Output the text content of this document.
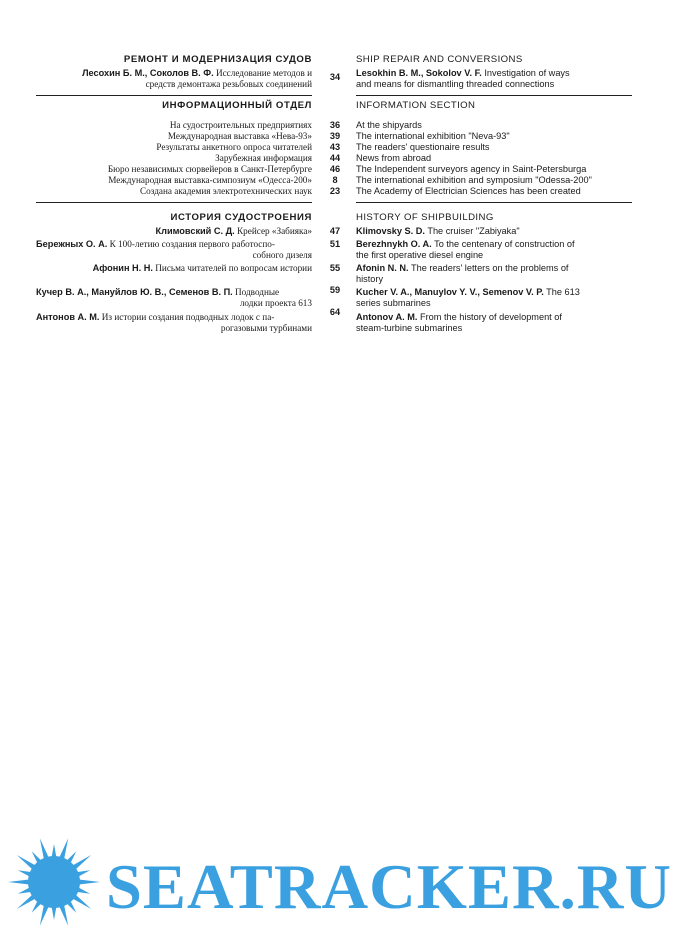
РЕМОНТ И МОДЕРНИЗАЦИЯ СУДОВ
Лесохин Б. М., Соколов В. Ф. Исследование методов и
средств демонтажа резьбовых соединений
ИНФОРМАЦИОННЫЙ ОТДЕЛ
На судостроительных предприятиях
Международная выставка «Нева-93»
Результаты анкетного опроса читателей
Зарубежная информация
Бюро независимых сюрвейеров в Санкт-Петербурге
Международная выставка-симпозиум «Одесса-200»
Создана академия электротехнических наук
ИСТОРИЯ СУДОСТРОЕНИЯ
Климовский С. Д. Крейсер «Забияка»
Бережных О. А. К 100-летию создания первого работоспо-
собного дизеля
Афонин Н. Н. Письма читателей по вопросам истории
Кучер В. А., Мануйлов Ю. В., Семенов В. П. Подводные
лодки проекта 613
Антонов А. М. Из истории создания подводных лодок с па-
рогазовыми турбинами
34
36
39
43
44
46
8
23
47
51
55
59
64
SHIP REPAIR AND CONVERSIONS
Lesokhin B. M., Sokolov V. F. Investigation of ways
and means for dismantling threaded connections
INFORMATION SECTION
At the shipyards
The international exhibition "Neva-93"
The readers' questionaire results
News from abroad
The Independent surveyors agency in Saint-Petersburga
The international exhibition and symposium "Odessa-200"
The Academy of Electrician Sciences has been created
HISTORY OF SHIPBUILDING
Klimovsky S. D. The cruiser "Zabiyaka"
Berezhnykh O. A. To the centenary of construction of
the first operative diesel engine
Afonin N. N. The readers' letters on the problems of
history
Kucher V. A., Manuylov Y. V., Semenov V. P. The 613
series submarines
Antonov A. M. From the history of development of
steam-turbine submarines
SEATRACKER.RU
